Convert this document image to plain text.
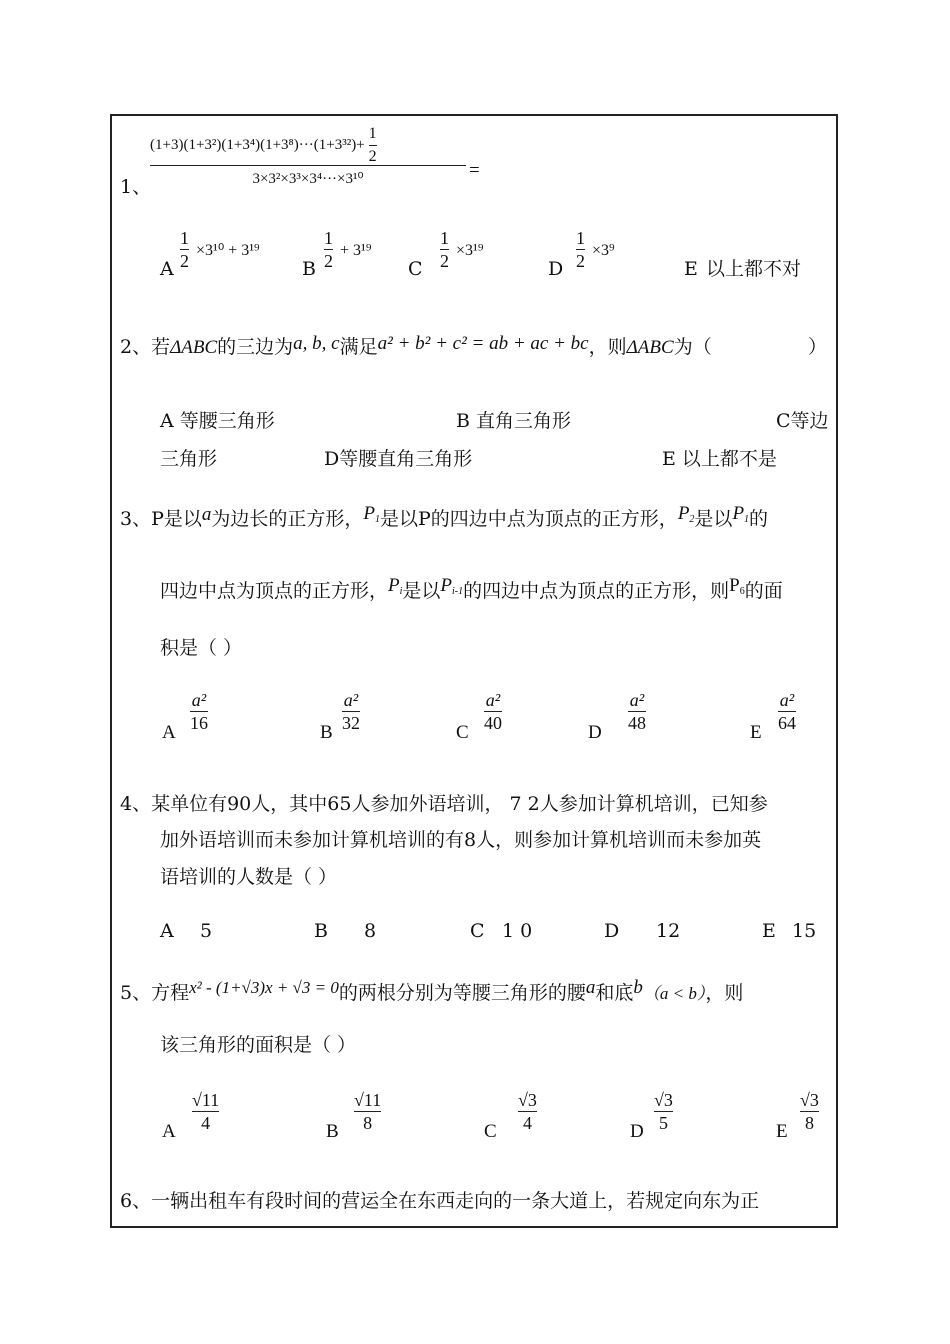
1、
$(1+3)(1+3^2)(1+3^4)(1+3^8)\cdot\cdot\cdot(1+3^{32})+ \frac{1}{2}$
3×3²×3³×3⁴···×3¹⁰	=
A
1
2
×3¹⁰ + 3¹⁹
B
1
2
+ 3¹⁹
C
1
2
×3¹⁹
D
1
2
×3⁹
E 以上都不对
2、若ΔABC的三边为a, b, c满足a² + b² + c² = ab + ac + bc，则ΔABC为（	）
A 等腰三角形	B 直角三角形	C等边
三角形	D等腰直角三角形	E 以上都不是
3、P是以a为边长的正方形，$P_1$是以P的四边中点为顶点的正方形，$P_2$是以$P_1$的
四边中点为顶点的正方形，$P_i$是以$P_{i-1}$的四边中点为顶点的正方形，则$P_6$的面
积是（ ）
A
a²
16	B
a²
32	C
a²
40	D
a²
48	E
a²
64
4、某单位有90人，其中65人参加外语培训， 7 2人参加计算机培训，已知参
加外语培训而未参加计算机培训的有8人，则参加计算机培训而未参加英
语培训的人数是（ ）
A 5	B 8	C 1 0	D 12	E 15
5、方程x² - (1+√3)x + √3 = 0的两根分别为等腰三角形的腰a和底b（a < b），则
该三角形的面积是（ ）
A
√11
4	B
√11
8	C
√3
4	D
√3
5	E
√3
8
6、一辆出租车有段时间的营运全在东西走向的一条大道上，若规定向东为正
